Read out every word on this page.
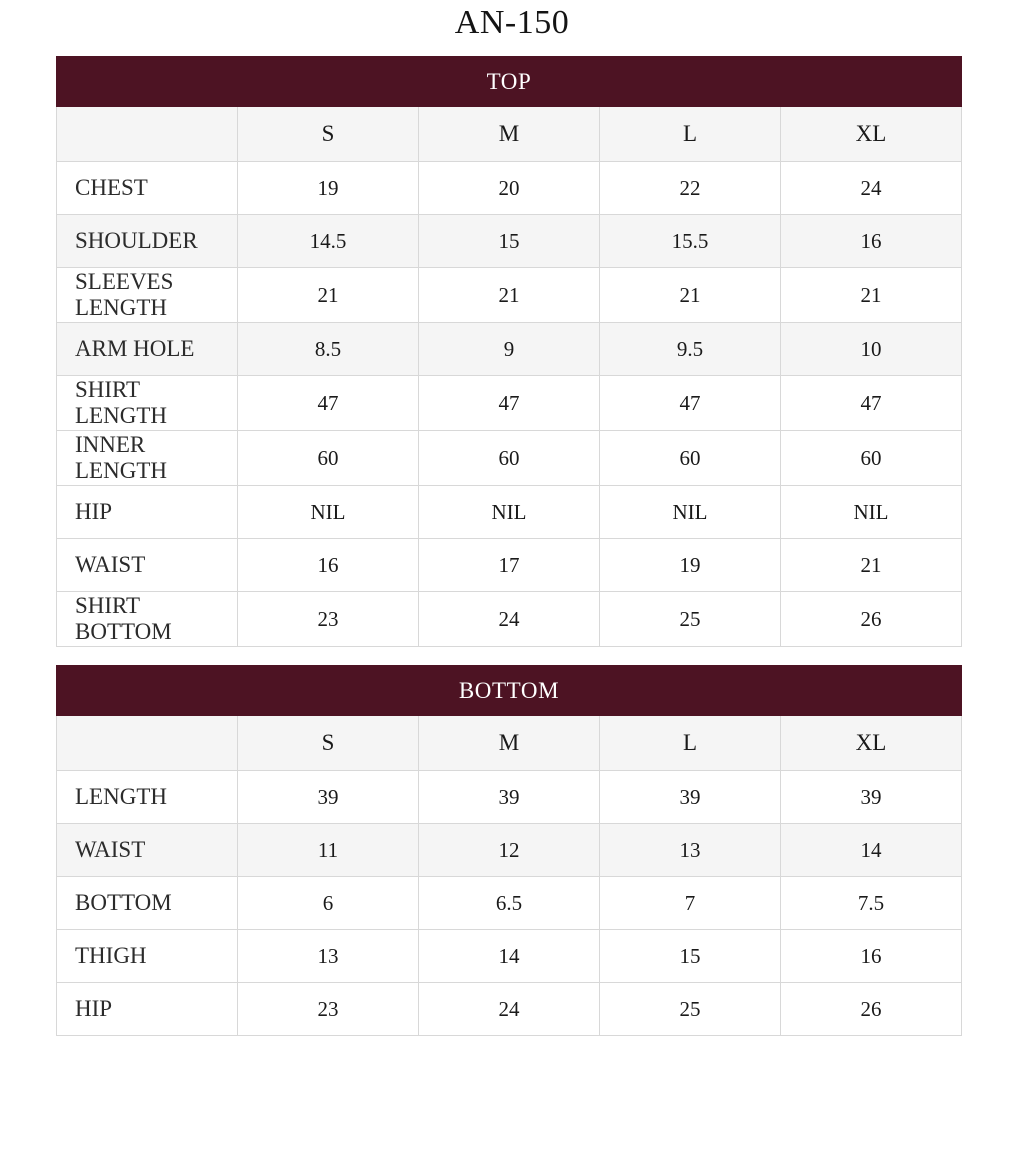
AN-150
TOP				
	S	M	L	XL
CHEST	19	20	22	24
SHOULDER	14.5	15	15.5	16
SLEEVES LENGTH	21	21	21	21
ARM HOLE	8.5	9	9.5	10
SHIRT LENGTH	47	47	47	47
INNER LENGTH	60	60	60	60
HIP	NIL	NIL	NIL	NIL
WAIST	16	17	19	21
SHIRT BOTTOM	23	24	25	26
BOTTOM				
	S	M	L	XL
LENGTH	39	39	39	39
WAIST	11	12	13	14
BOTTOM	6	6.5	7	7.5
THIGH	13	14	15	16
HIP	23	24	25	26
